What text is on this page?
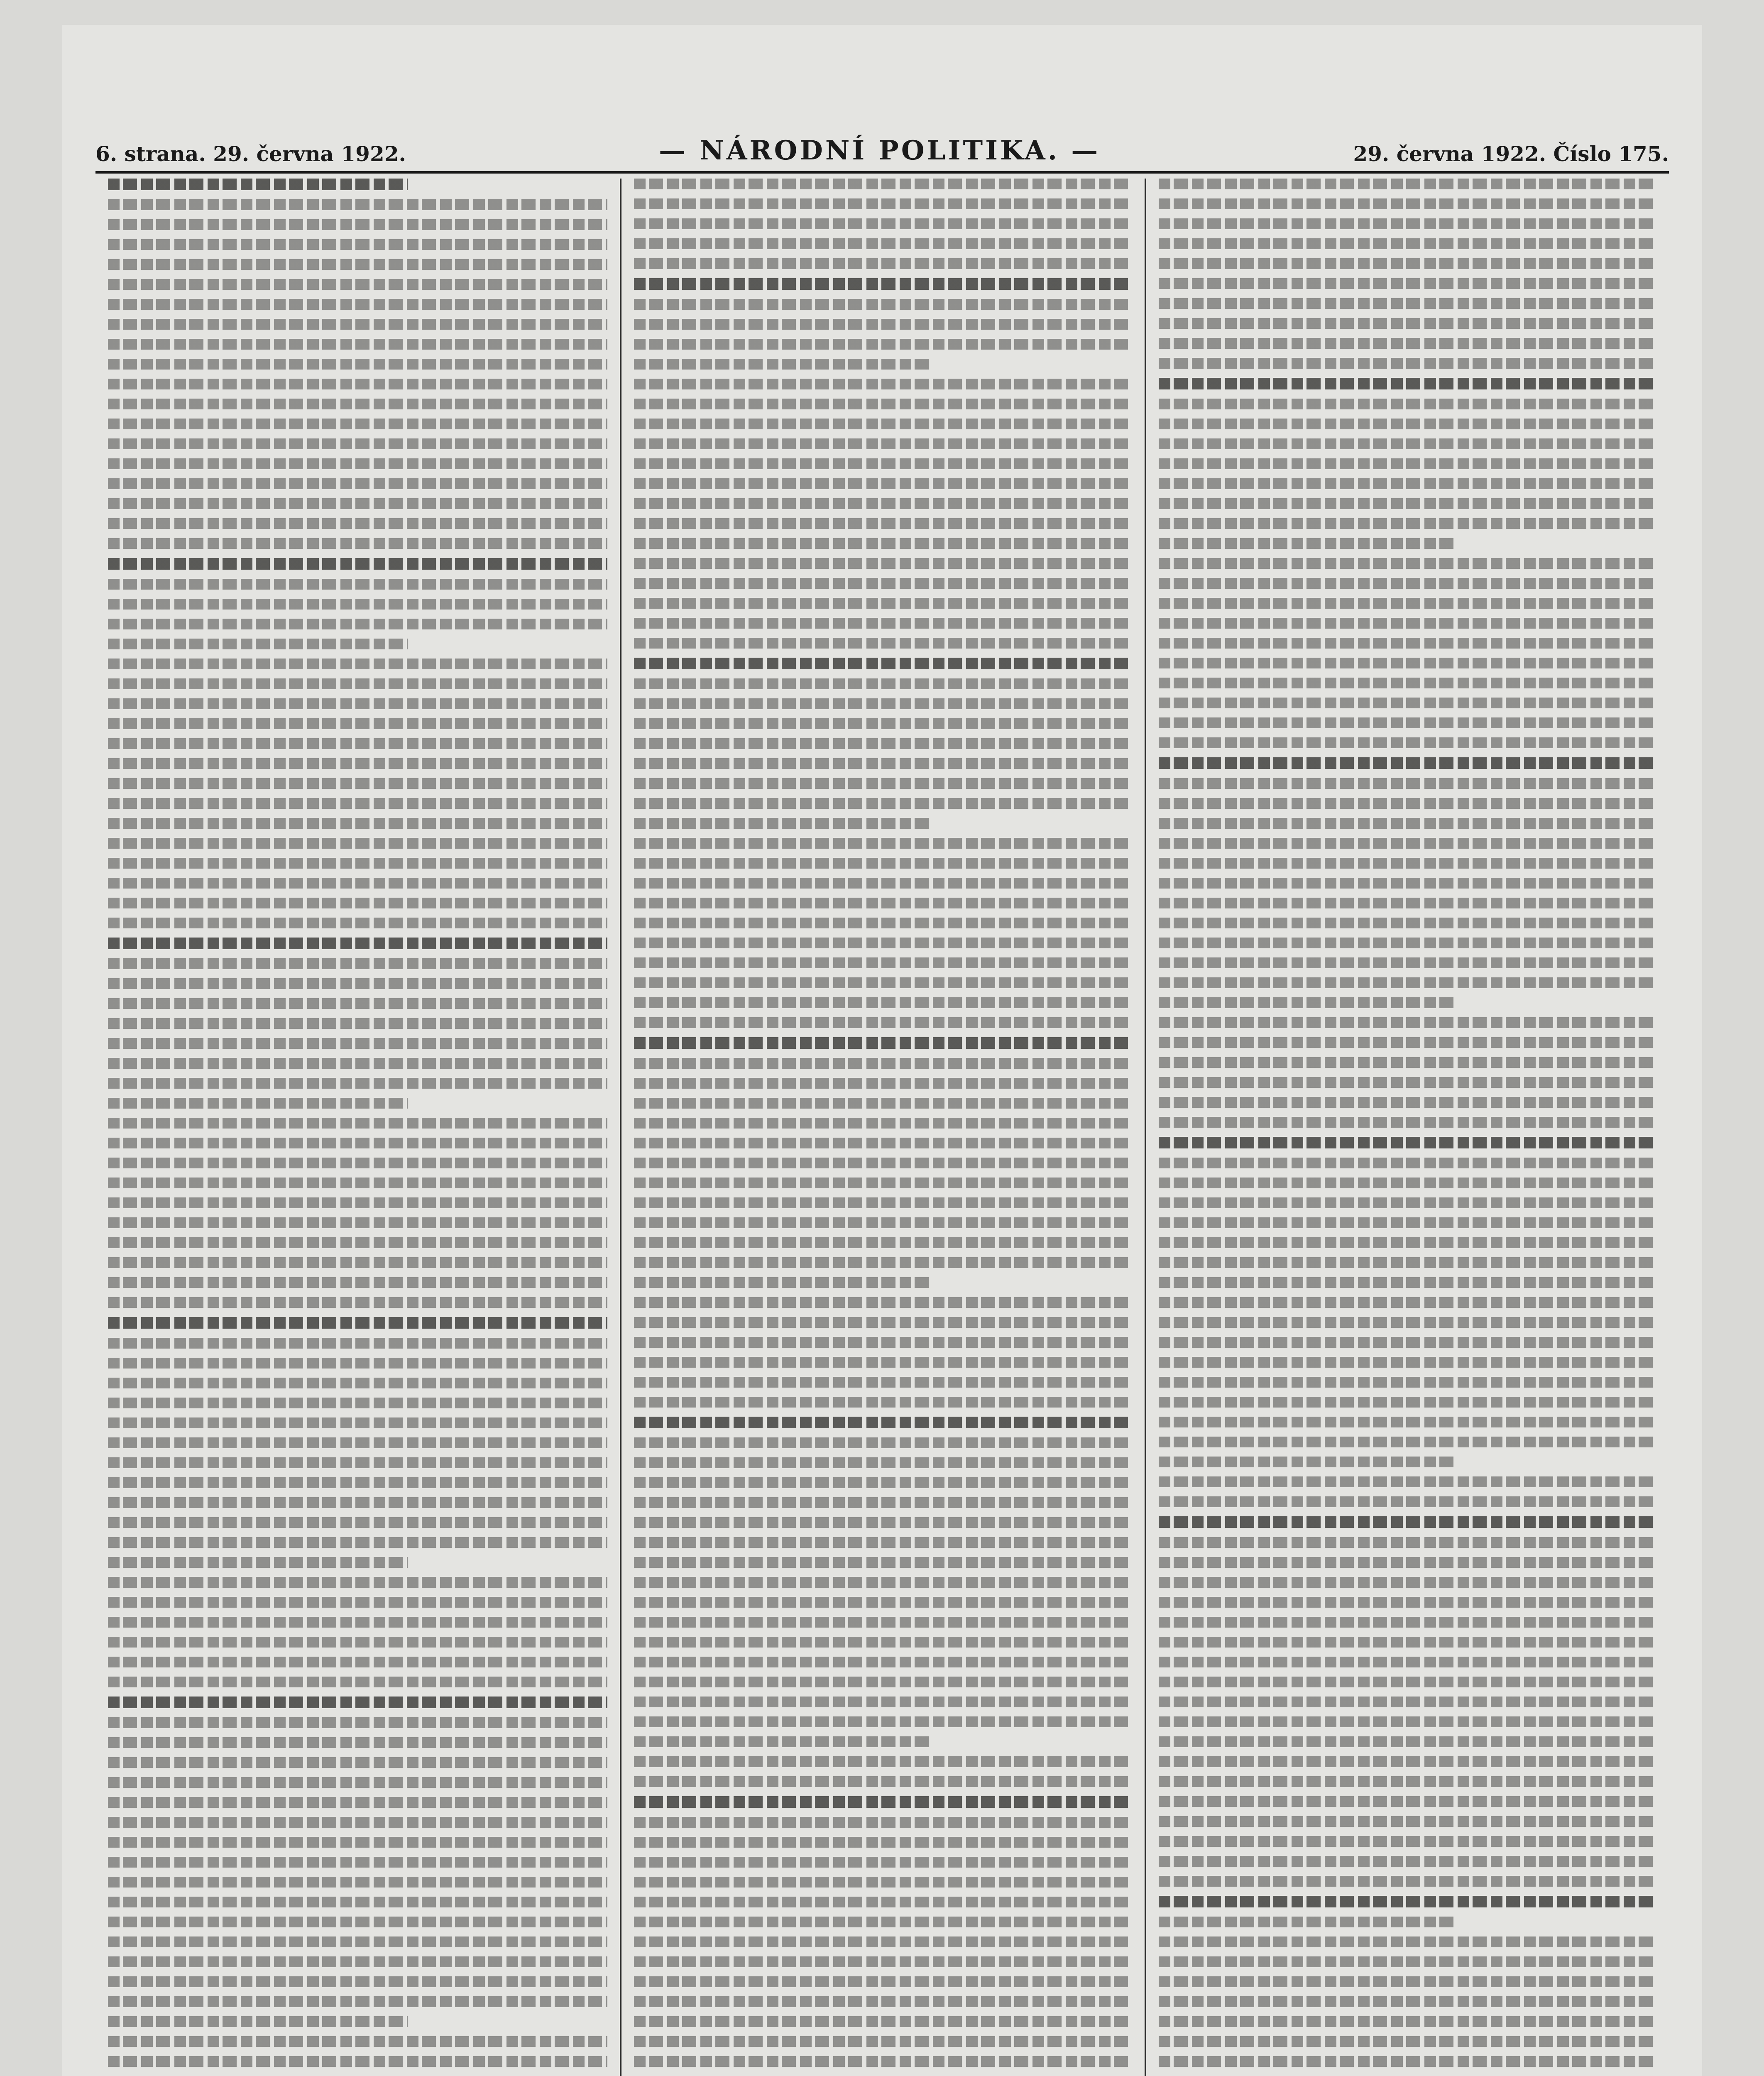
6. strana. 29. června 1922.	— NÁRODNÍ POLITIKA. —	29. června 1922. Číslo 175.
